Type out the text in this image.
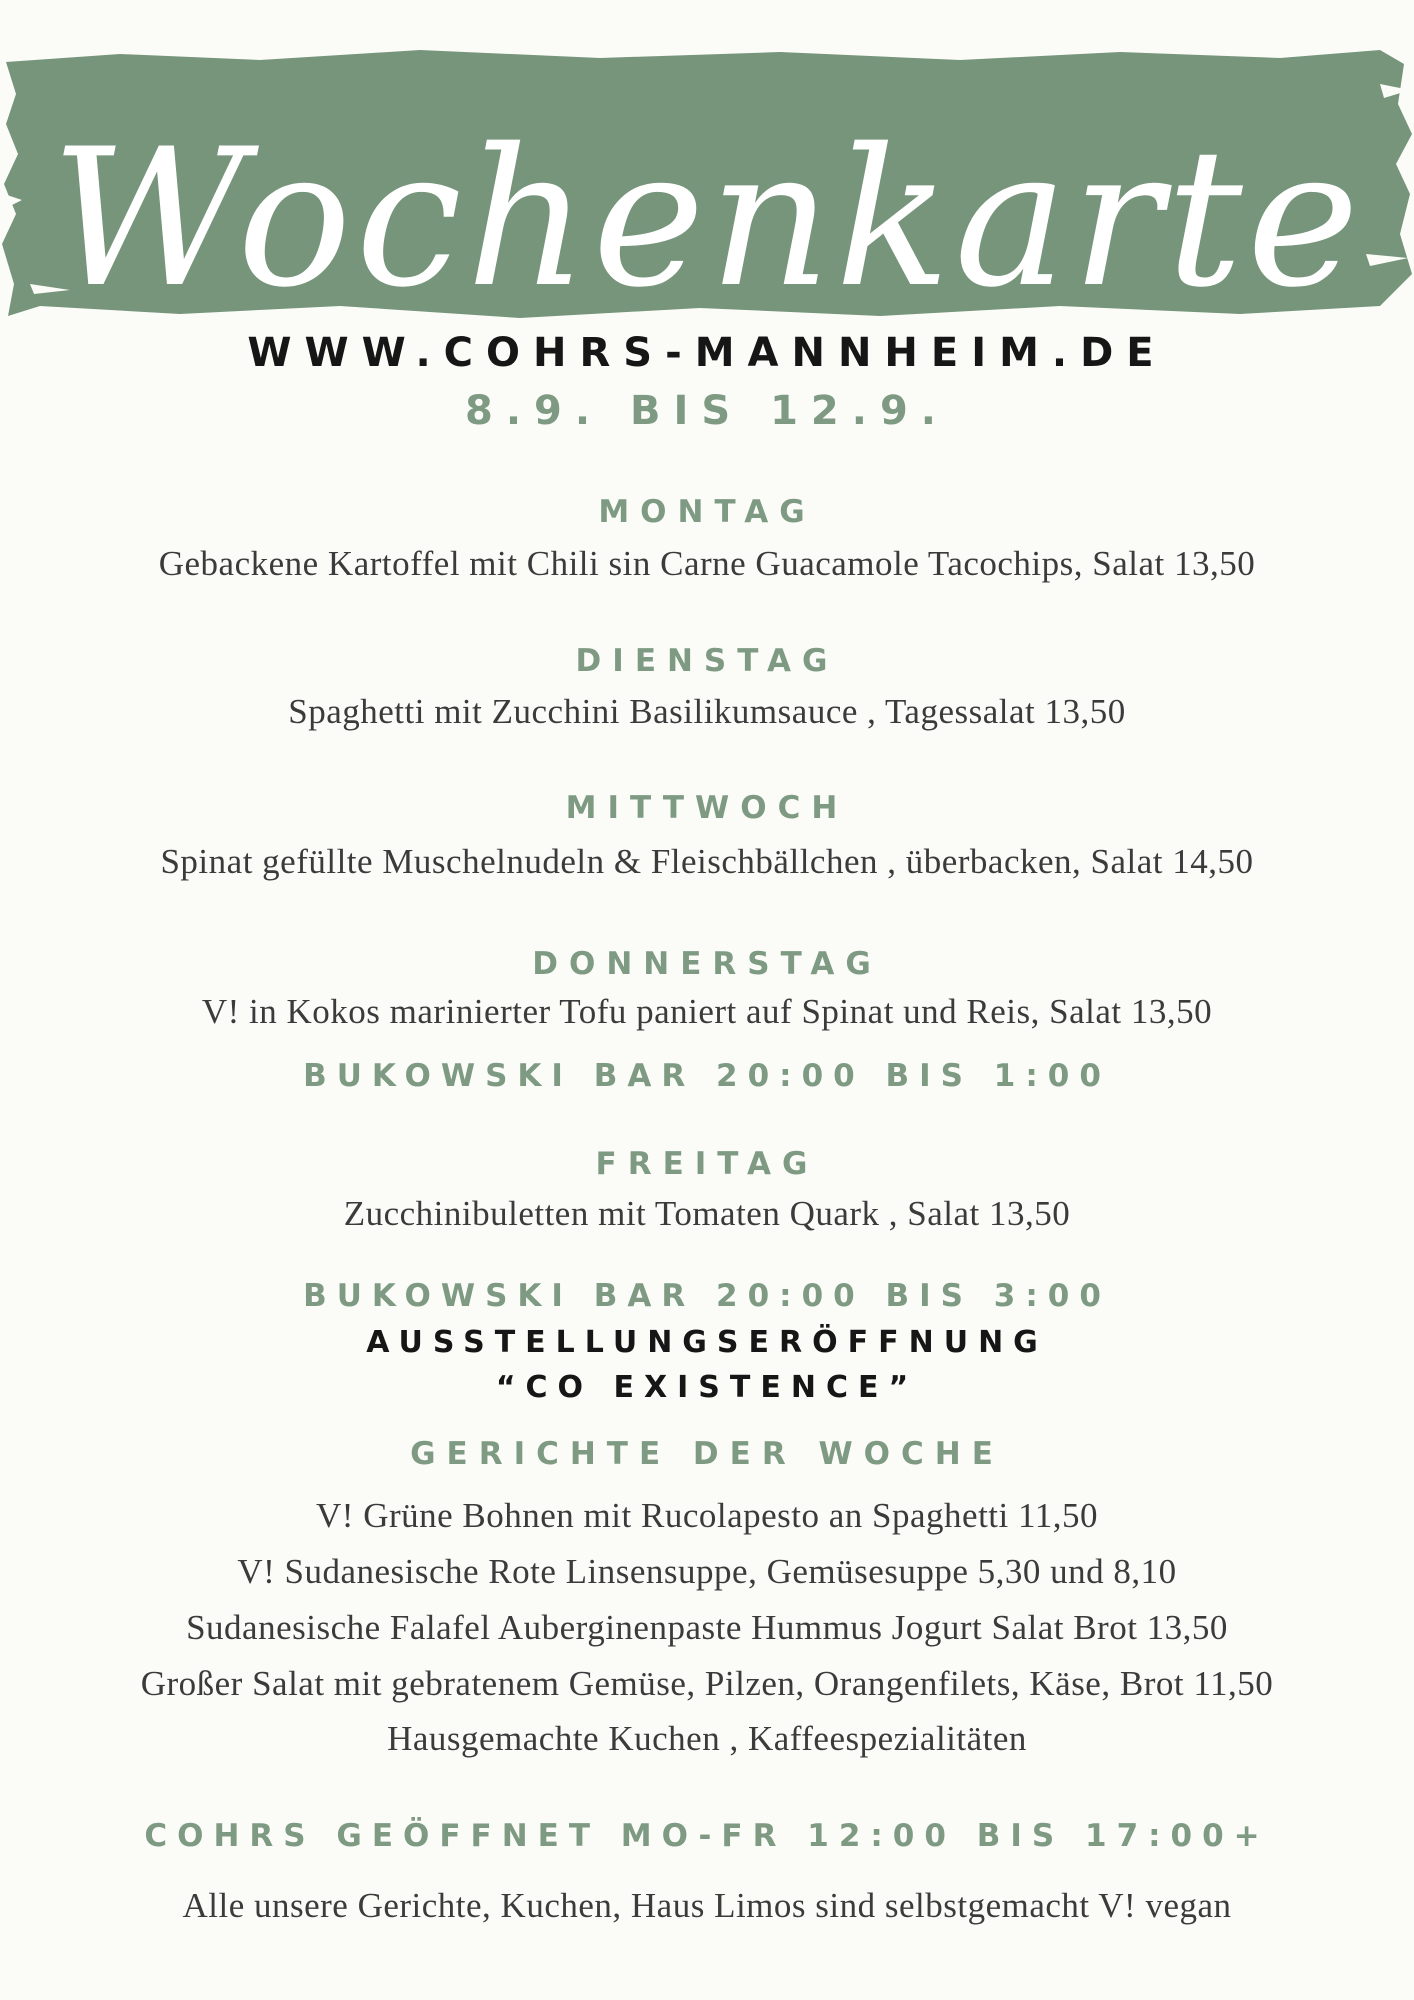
Wochenkarte
WWW.COHRS-MANNHEIM.DE
8.9. BIS 12.9.
MONTAG
Gebackene Kartoffel mit Chili sin Carne Guacamole Tacochips, Salat 13,50
DIENSTAG
Spaghetti mit Zucchini Basilikumsauce , Tagessalat 13,50
MITTWOCH
Spinat gefüllte Muschelnudeln & Fleischbällchen , überbacken, Salat 14,50
DONNERSTAG
V! in Kokos marinierter Tofu paniert auf Spinat und Reis, Salat 13,50
BUKOWSKI BAR 20:00 BIS 1:00
FREITAG
Zucchinibuletten mit Tomaten Quark , Salat 13,50
BUKOWSKI BAR 20:00 BIS 3:00
AUSSTELLUNGSERÖFFNUNG
“CO EXISTENCE”
GERICHTE DER WOCHE
V! Grüne Bohnen mit Rucolapesto an Spaghetti 11,50
V! Sudanesische Rote Linsensuppe, Gemüsesuppe 5,30 und 8,10
Sudanesische Falafel Auberginenpaste Hummus Jogurt Salat Brot 13,50
Großer Salat mit gebratenem Gemüse, Pilzen, Orangenfilets, Käse, Brot 11,50
Hausgemachte Kuchen , Kaffeespezialitäten
COHRS GEÖFFNET MO-FR 12:00 BIS 17:00+
Alle unsere Gerichte, Kuchen, Haus Limos sind selbstgemacht V! vegan
